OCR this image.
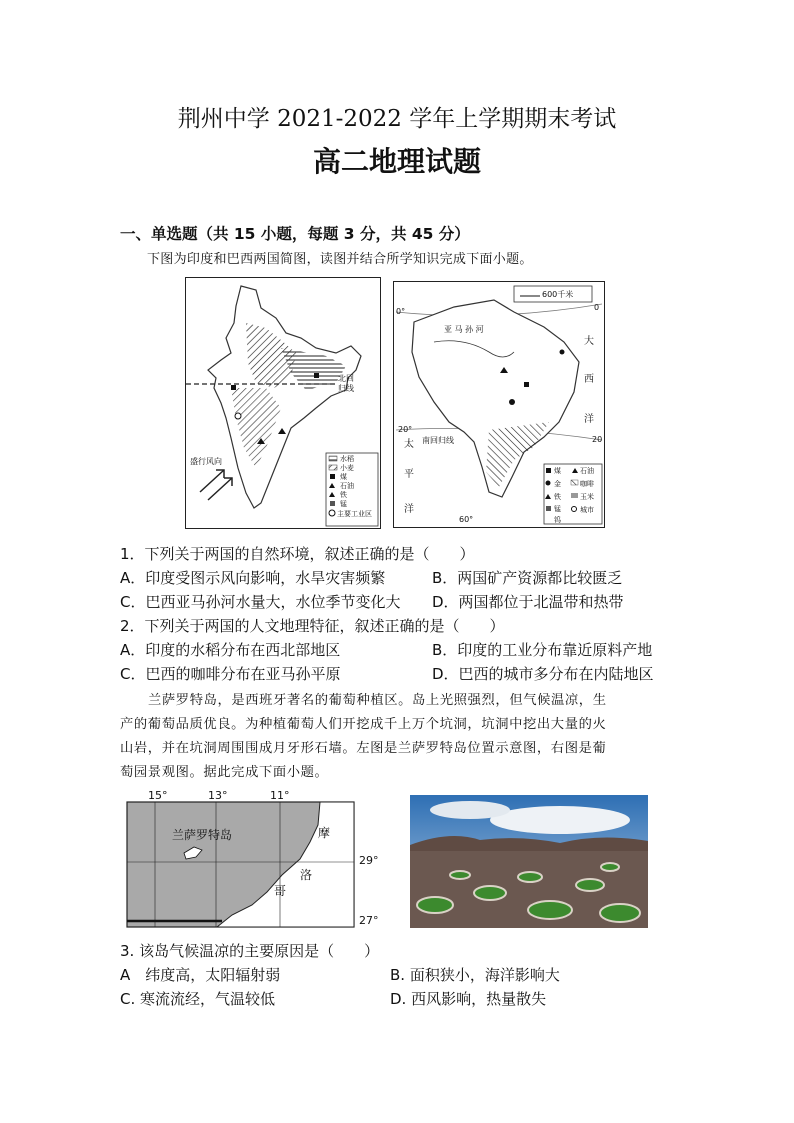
荆州中学 2021-2022 学年上学期期末考试
高二地理试题
一、单选题（共 15 小题，每题 3 分，共 45 分）
下图为印度和巴西两国简图，读图并结合所学知识完成下面小题。
北回
归线
盛行风向	水稻
小麦
煤
石油
铁
锰
主要工业区
600千米
亚 马 孙 河
0°	0
20°
20
南回归线
60°
大
西
洋
太
平
洋
煤	石油
金	咖啡
铁	玉米
锰	城市
钨
1．下列关于两国的自然环境，叙述正确的是（　　）
A．印度受图示风向影响，水旱灾害频繁	B．两国矿产资源都比较匮乏
C．巴西亚马孙河水量大，水位季节变化大 D．两国都位于北温带和热带
2．下列关于两国的人文地理特征，叙述正确的是（　　）
A．印度的水稻分布在西北部地区	B．印度的工业分布靠近原料产地
C．巴西的咖啡分布在亚马孙平原	D．巴西的城市多分布在内陆地区
兰萨罗特岛，是西班牙著名的葡萄种植区。岛上光照强烈，但气候温凉，生
产的葡萄品质优良。为种植葡萄人们开挖成千上万个坑洞，坑洞中挖出大量的火
山岩，并在坑洞周围围成月牙形石墙。左图是兰萨罗特岛位置示意图，右图是葡
萄园景观图。据此完成下面小题。
15°	13°	11°
29°
27°
兰萨罗特岛	摩
洛
哥
3. 该岛气候温凉的主要原因是（　　）
A　纬度高，太阳辐射弱	B. 面积狭小，海洋影响大
C. 寒流流经，气温较低	D. 西风影响，热量散失
